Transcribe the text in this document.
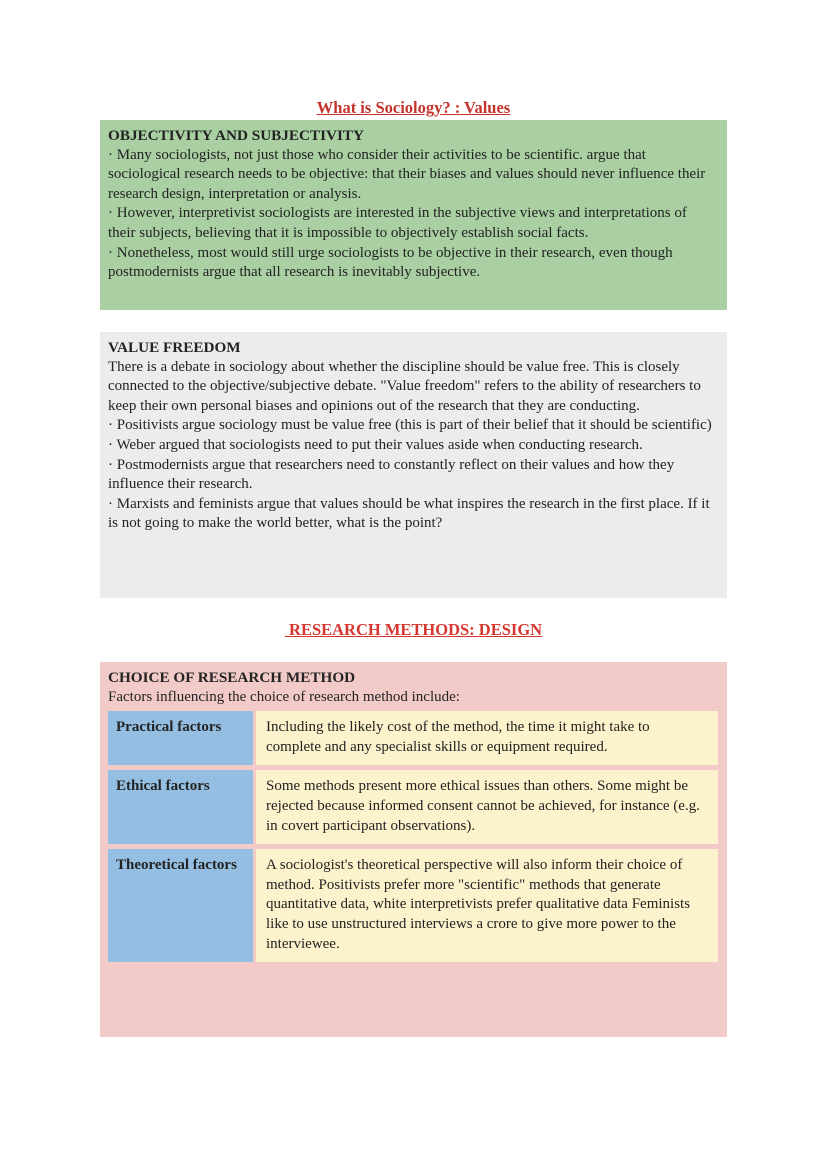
What is Sociology? : Values

OBJECTIVITY AND SUBJECTIVITY

· Many sociologists, not just those who consider their activities to be scientific. argue that sociological research needs to be objective: that their biases and values should never influence their research design, interpretation or analysis.

· However, interpretivist sociologists are interested in the subjective views and interpretations of their subjects, believing that it is impossible to objectively establish social facts.

· Nonetheless, most would still urge sociologists to be objective in their research, even though postmodernists argue that all research is inevitably subjective.

VALUE FREEDOM

There is a debate in sociology about whether the discipline should be value free. This is closely connected to the objective/subjective debate. "Value freedom" refers to the ability of researchers to keep their own personal biases and opinions out of the research that they are conducting.

· Positivists argue sociology must be value free (this is part of their belief that it should be scientific)

· Weber argued that sociologists need to put their values aside when conducting research.

· Postmodernists argue that researchers need to constantly reflect on their values and how they influence their research.

· Marxists and feminists argue that values should be what inspires the research in the first place. If it is not going to make the world better, what is the point?

RESEARCH METHODS: DESIGN

CHOICE OF RESEARCH METHOD

Factors influencing the choice of research method include:

Practical factors	Including the likely cost of the method, the time it might take to complete and any specialist skills or equipment required.
Ethical factors	Some methods present more ethical issues than others. Some might be rejected because informed consent cannot be achieved, for instance (e.g. in covert participant observations).
Theoretical factors	A sociologist's theoretical perspective will also inform their choice of method. Positivists prefer more "scientific" methods that generate quantitative data, white interpretivists prefer qualitative data Feminists like to use unstructured interviews a crore to give more power to the interviewee.
